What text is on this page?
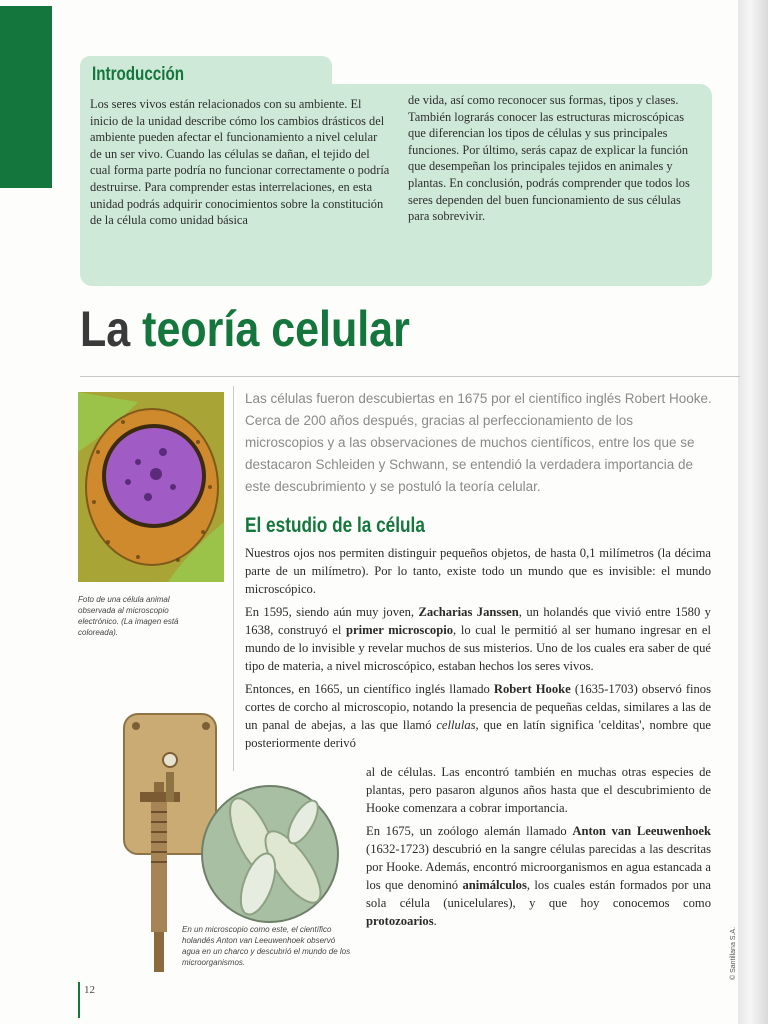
Introducción
Los seres vivos están relacionados con su ambiente. El inicio de la unidad describe cómo los cambios drásticos del ambiente pueden afectar el funcionamiento a nivel celular de un ser vivo. Cuando las células se dañan, el tejido del cual forma parte podría no funcionar correctamente o podría destruirse. Para comprender estas interrelaciones, en esta unidad podrás adquirir conocimientos sobre la constitución de la célula como unidad básica
de vida, así como reconocer sus formas, tipos y clases. También lograrás conocer las estructuras microscópicas que diferencian los tipos de células y sus principales funciones. Por último, serás capaz de explicar la función que desempeñan los principales tejidos en animales y plantas. En conclusión, podrás comprender que todos los seres dependen del buen funcionamiento de sus células para sobrevivir.
La teoría celular
Foto de una célula animal observada al microscopio electrónico. (La imagen está coloreada).
Las células fueron descubiertas en 1675 por el científico inglés Robert Hooke. Cerca de 200 años después, gracias al perfeccionamiento de los microscopios y a las observaciones de muchos científicos, entre los que se destacaron Schleiden y Schwann, se entendió la verdadera importancia de este descubrimiento y se postuló la teoría celular.
El estudio de la célula

Nuestros ojos nos permiten distinguir pequeños objetos, de hasta 0,1 milímetros (la décima parte de un milímetro). Por lo tanto, existe todo un mundo que es invisible: el mundo microscópico.

En 1595, siendo aún muy joven, Zacharias Janssen, un holandés que vivió entre 1580 y 1638, construyó el primer microscopio, lo cual le permitió al ser humano ingresar en el mundo de lo invisible y revelar muchos de sus misterios. Uno de los cuales era saber de qué tipo de materia, a nivel microscópico, estaban hechos los seres vivos.

Entonces, en 1665, un científico inglés llamado Robert Hooke (1635-1703) observó finos cortes de corcho al microscopio, notando la presencia de pequeñas celdas, similares a las de un panal de abejas, a las que llamó cellulas, que en latín significa 'celditas', nombre que posteriormente derivó

al de células. Las encontró también en muchas otras especies de plantas, pero pasaron algunos años hasta que el descubrimiento de Hooke comenzara a cobrar importancia.

En 1675, un zoólogo alemán llamado Anton van Leeuwenhoek (1632-1723) descubrió en la sangre células parecidas a las descritas por Hooke. Además, encontró microorganismos en agua estancada a los que denominó animálculos, los cuales están formados por una sola célula (unicelulares), y que hoy conocemos como protozoarios.

En un microscopio como este, el científico holandés Anton van Leeuwenhoek observó agua en un charco y descubrió el mundo de los microorganismos.
12
© Santillana S.A.
